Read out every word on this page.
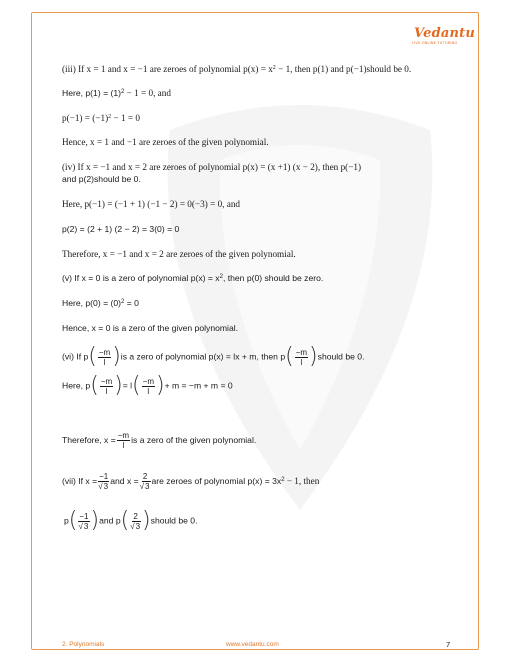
Vedantu
LIVE ONLINE TUTORING
(iii) If x = 1 and x = −1 are zeroes of polynomial $p(x) = x^2 - 1$, then p(1) and p(−1)should be 0.
Here, $p(1) = (1)^2 - 1 = 0$, and
$p(-1) = (-1)^2 - 1 = 0$
Hence, x = 1 and −1 are zeroes of the given polynomial.
(iv) If x = −1 and x = 2 are zeroes of polynomial p(x) = (x +1) (x − 2), then p(−1)
and p(2)should be 0.
Here, p(−1) = (−1 + 1) (−1 − 2) = 0(−3) = 0, and
p(2) = (2 + 1) (2 − 2) = 3(0) = 0
Therefore, x = −1 and x = 2 are zeroes of the given polynomial.
(v) If x = 0 is a zero of polynomial $p(x) = x^2$, then p(0) should be zero.
Here, $p(0) = (0)^2 = 0$
Hence, x = 0 is a zero of the given polynomial.
(vi) If $p( \frac{-m}{l} )is$ a zero of polynomial p(x) = lx + m, then $p( \frac{-m}{l}$ )should be 0.
Here, $p( \frac{-m}{l}$ )= $l( \frac{-m}{l}$ )+ m = −m + m = 0
Therefore, $x = \frac{-m}{l}$ is a zero of the given polynomial.
(vii) If $x = \frac{-1}{√3}$ and $x = \frac{2}{√3}$ are zeroes of polynomial $p(x) = 3x^2 - 1$, then
$p( \frac{-1}{√3} )and$ $p( \frac{2}{√3}$ )should be 0.
2. Polynomials	www.vedantu.com	7
